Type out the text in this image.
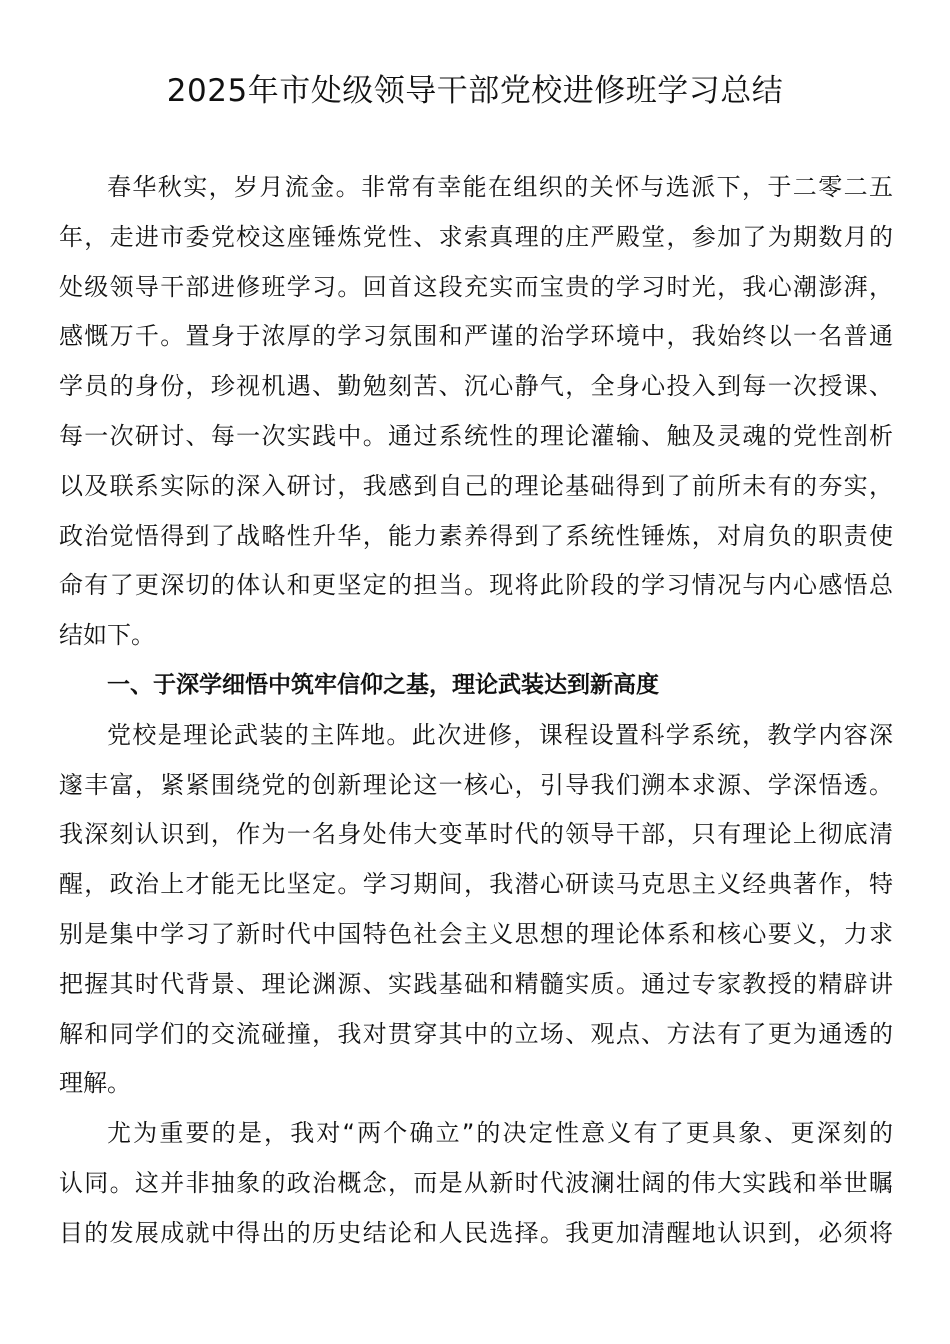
2025年市处级领导干部党校进修班学习总结
春华秋实，岁月流金。非常有幸能在组织的关怀与选派下，于二零二五
年，走进市委党校这座锤炼党性、求索真理的庄严殿堂，参加了为期数月的
处级领导干部进修班学习。回首这段充实而宝贵的学习时光，我心潮澎湃，
感慨万千。置身于浓厚的学习氛围和严谨的治学环境中，我始终以一名普通
学员的身份，珍视机遇、勤勉刻苦、沉心静气，全身心投入到每一次授课、
每一次研讨、每一次实践中。通过系统性的理论灌输、触及灵魂的党性剖析
以及联系实际的深入研讨，我感到自己的理论基础得到了前所未有的夯实，
政治觉悟得到了战略性升华，能力素养得到了系统性锤炼，对肩负的职责使
命有了更深切的体认和更坚定的担当。现将此阶段的学习情况与内心感悟总
结如下。
一、于深学细悟中筑牢信仰之基，理论武装达到新高度
党校是理论武装的主阵地。此次进修，课程设置科学系统，教学内容深
邃丰富，紧紧围绕党的创新理论这一核心，引导我们溯本求源、学深悟透。
我深刻认识到，作为一名身处伟大变革时代的领导干部，只有理论上彻底清
醒，政治上才能无比坚定。学习期间，我潜心研读马克思主义经典著作，特
别是集中学习了新时代中国特色社会主义思想的理论体系和核心要义，力求
把握其时代背景、理论渊源、实践基础和精髓实质。通过专家教授的精辟讲
解和同学们的交流碰撞，我对贯穿其中的立场、观点、方法有了更为通透的
理解。
尤为重要的是，我对“两个确立”的决定性意义有了更具象、更深刻的
认同。这并非抽象的政治概念，而是从新时代波澜壮阔的伟大实践和举世瞩
目的发展成就中得出的历史结论和人民选择。我更加清醒地认识到，必须将
